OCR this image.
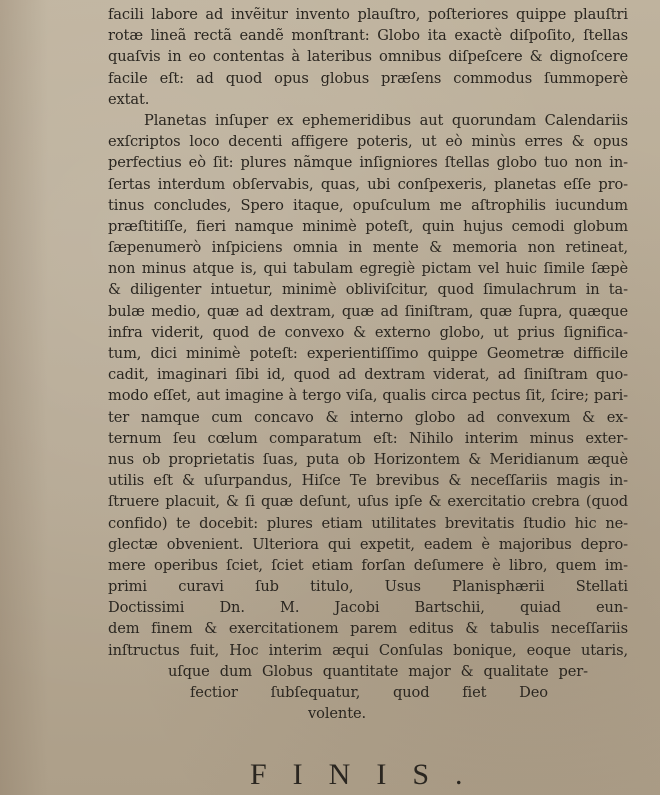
facili labore ad invẽitur invento plauſtro, poſteriores quippe plauſtri
rotæ lineã rectã eandẽ monſtrant: Globo ita exactè diſpoſito, ſtellas
quaſvis in eo contentas à lateribus omnibus diſpeſcere & dignoſcere
facile eſt: ad quod opus globus præſens commodus ſummoperè
extat.
Planetas inſuper ex ephemeridibus aut quorundam Calendariis
exſcriptos loco decenti affigere poteris, ut eò minùs erres & opus
perfectius eò ſit: plures nãmque inſigniores ſtellas globo tuo non in-
ſertas interdum obſervabis, quas, ubi conſpexeris, planetas eſſe pro-
tinus concludes, Spero itaque, opuſculum me aſtrophilis iucundum
præſtitiſſe, fieri namque minimè poteſt, quin hujus cemodi globum
ſæpenumerò inſpiciens omnia in mente & memoria non retineat,
non minus atque is, qui tabulam egregiè pictam vel huic ſimile ſæpè
& diligenter intuetur, minimè obliviſcitur, quod ſimulachrum in ta-
bulæ medio, quæ ad dextram, quæ ad ſiniſtram, quæ ſupra, quæque
infra viderit, quod de convexo & externo globo, ut prius ſignifica-
tum, dici minimè poteſt: experientiſſimo quippe Geometræ difficile
cadit, imaginari ſibi id, quod ad dextram viderat, ad ſiniſtram quo-
modo eſſet, aut imagine à tergo viſa, qualis circa pectus ſit, ſcire; pari-
ter namque cum concavo & interno globo ad convexum & ex-
ternum ſeu cœlum comparatum eſt: Nihilo interim minus exter-
nus ob proprietatis ſuas, puta ob Horizontem & Meridianum æquè
utilis eſt & uſurpandus, Hiſce Te brevibus & neceſſariis magis in-
ſtruere placuit, & ſi quæ deſunt, uſus ipſe & exercitatio crebra (quod
confido) te docebit: plures etiam utilitates brevitatis ſtudio hic ne-
glectæ obvenient. Ulteriora qui expetit, eadem è majoribus depro-
mere operibus ſciet, ſciet etiam forſan deſumere è libro, quem im-
primi curavi ſub titulo, Usus Planisphærii Stellati
Doctissimi Dn. M. Jacobi Bartschii, quiad eun-
dem finem & exercitationem parem editus & tabulis neceſſariis
inſtructus fuit, Hoc interim æqui Conſulas bonique, eoque utaris,
uſque dum Globus quantitate major & qualitate per-
fectior ſubſequatur, quod fiet Deo
volente.
FINIS.
